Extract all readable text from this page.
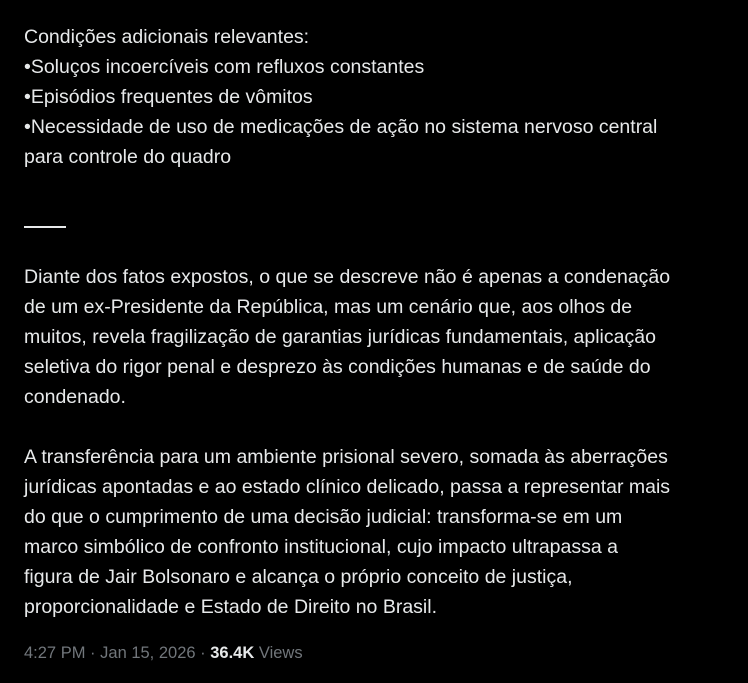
Condições adicionais relevantes:
•Soluços incoercíveis com refluxos constantes
•Episódios frequentes de vômitos
•Necessidade de uso de medicações de ação no sistema nervoso central
para controle do quadro
Diante dos fatos expostos, o que se descreve não é apenas a condenação
de um ex-Presidente da República, mas um cenário que, aos olhos de
muitos, revela fragilização de garantias jurídicas fundamentais, aplicação
seletiva do rigor penal e desprezo às condições humanas e de saúde do
condenado.
A transferência para um ambiente prisional severo, somada às aberrações
jurídicas apontadas e ao estado clínico delicado, passa a representar mais
do que o cumprimento de uma decisão judicial: transforma-se em um
marco simbólico de confronto institucional, cujo impacto ultrapassa a
figura de Jair Bolsonaro e alcança o próprio conceito de justiça,
proporcionalidade e Estado de Direito no Brasil.
4:27 PM · Jan 15, 2026 · 36.4K Views
